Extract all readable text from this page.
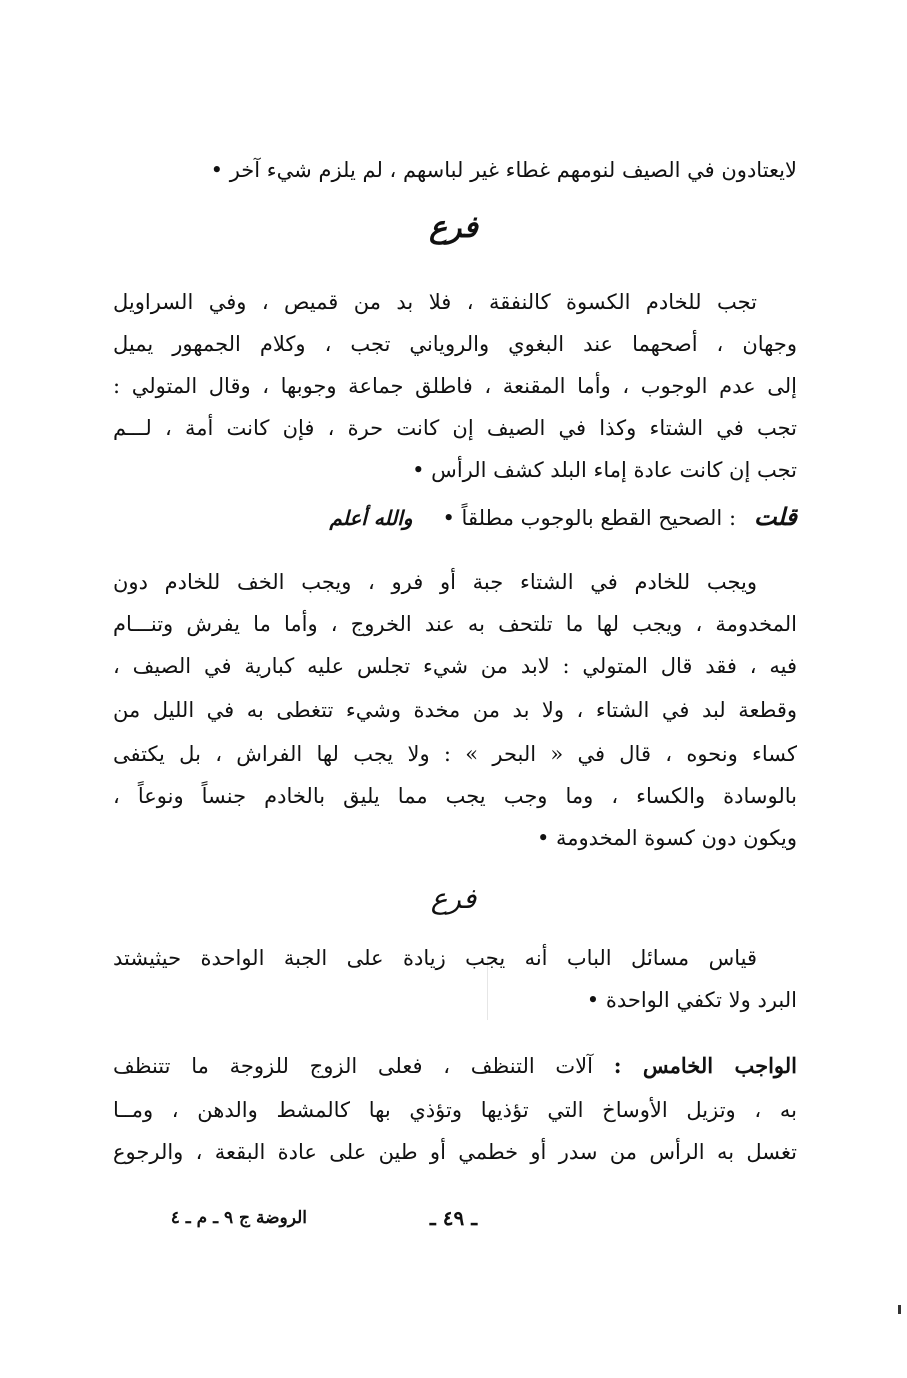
لايعتادون في الصيف لنومهم غطاء غير لباسهم ، لم يلزم شيء آخر •
فرع
تجب للخادم الكسوة كالنفقة ، فلا بد من قميص ، وفي السراويل
وجهان ، أصحهما عند البغوي والروياني تجب ، وكلام الجمهور يميل
إلى عدم الوجوب ، وأما المقنعة ، فاطلق جماعة وجوبها ، وقال المتولي :
تجب في الشتاء وكذا في الصيف إن كانت حرة ، فإن كانت أمة ، لـــم
تجب إن كانت عادة إماء البلد كشف الرأس •
قلت: الصحيح القطع بالوجوب مطلقاً •والله أعلم
ويجب للخادم في الشتاء جبة أو فرو ، ويجب الخف للخادم دون
المخدومة ، ويجب لها ما تلتحف به عند الخروج ، وأما ما يفرش وتنـــام
فيه ، فقد قال المتولي : لابد من شيء تجلس عليه كبارية في الصيف ،
وقطعة لبد في الشتاء ، ولا بد من مخدة وشيء تتغطى به في الليل من
كساء ونحوه ، قال في « البحر » : ولا يجب لها الفراش ، بل يكتفى
بالوسادة والكساء ، وما وجب يجب مما يليق بالخادم جنساً ونوعاً ،
ويكون دون كسوة المخدومة •
فرع
قياس مسائل الباب أنه يجب زيادة على الجبة الواحدة حيثيشتد
البرد ولا تكفي الواحدة •
الواجب الخامس : آلات التنظف ، فعلى الزوج للزوجة ما تتنظف
به ، وتزيل الأوساخ التي تؤذيها وتؤذي بها كالمشط والدهن ، ومــا
تغسل به الرأس من سدر أو خطمي أو طين على عادة البقعة ، والرجوع
ـ ٤٩ ـ
الروضة ج ٩ ـ م ـ ٤
